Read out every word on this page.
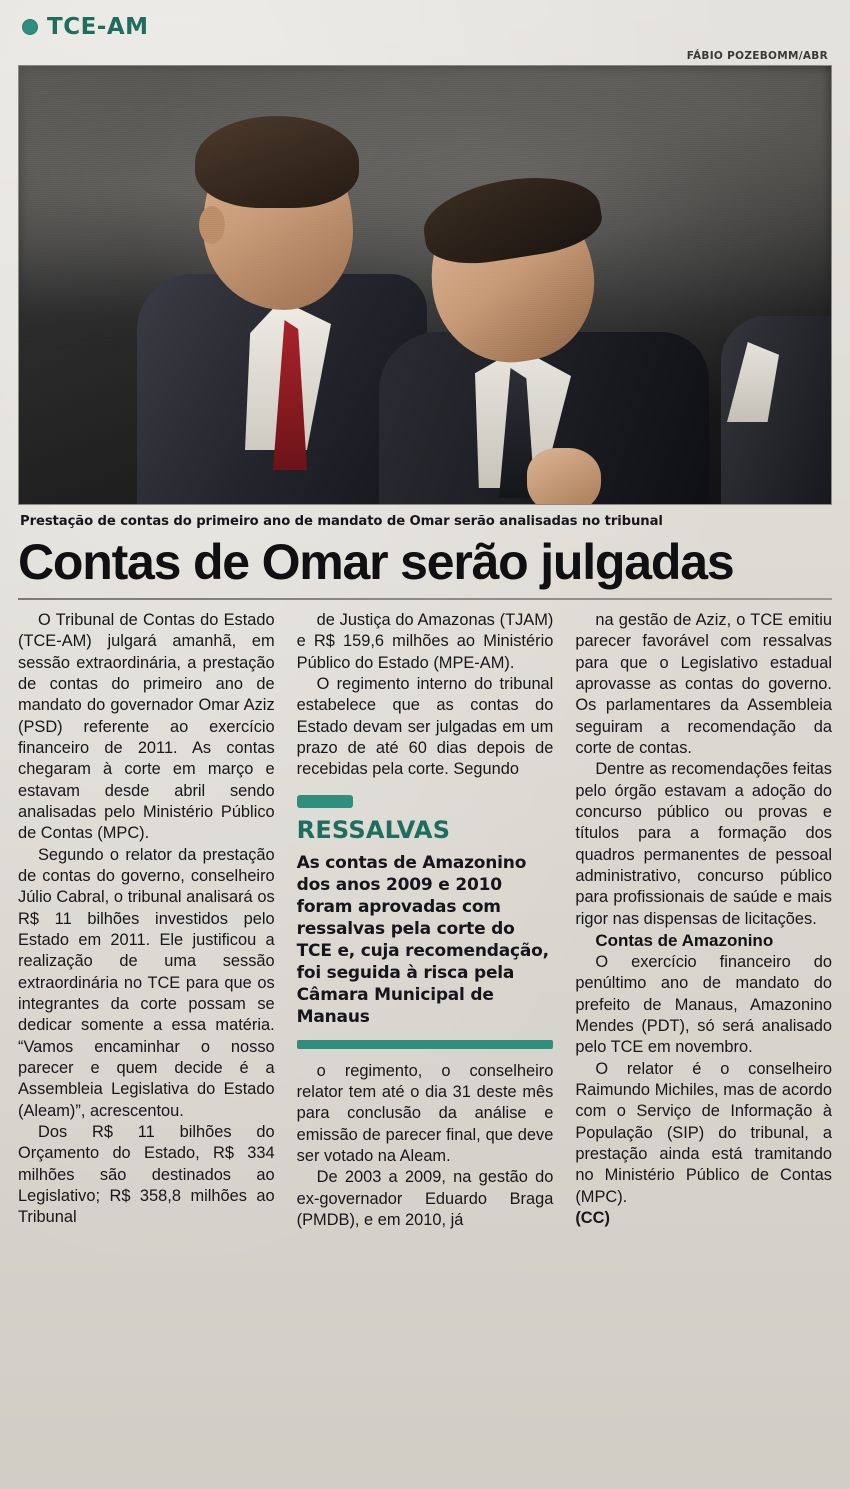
TCE-AM
FÁBIO POZEBOMM/ABR
Prestação de contas do primeiro ano de mandato de Omar serão analisadas no tribunal
Contas de Omar serão julgadas

O Tribunal de Contas do Estado (TCE-AM) julgará amanhã, em sessão extraordinária, a prestação de contas do primeiro ano de mandato do governador Omar Aziz (PSD) referente ao exercício financeiro de 2011. As contas chegaram à corte em março e estavam desde abril sendo analisadas pelo Ministério Público de Contas (MPC).

Segundo o relator da prestação de contas do governo, conselheiro Júlio Cabral, o tribunal analisará os R$ 11 bilhões investidos pelo Estado em 2011. Ele justificou a realização de uma sessão extraordinária no TCE para que os integrantes da corte possam se dedicar somente a essa matéria. “Vamos encaminhar o nosso parecer e quem decide é a Assembleia Legislativa do Estado (Aleam)”, acrescentou.

Dos R$ 11 bilhões do Orçamento do Estado, R$ 334 milhões são destinados ao Legislativo; R$ 358,8 milhões ao Tribunal

de Justiça do Amazonas (TJAM) e R$ 159,6 milhões ao Ministério Público do Estado (MPE-AM).

O regimento interno do tribunal estabelece que as contas do Estado devam ser julgadas em um prazo de até 60 dias depois de recebidas pela corte. Segundo

RESSALVAS
As contas de Amazonino dos anos 2009 e 2010 foram aprovadas com ressalvas pela corte do TCE e, cuja recomendação, foi seguida à risca pela Câmara Municipal de Manaus

o regimento, o conselheiro relator tem até o dia 31 deste mês para conclusão da análise e emissão de parecer final, que deve ser votado na Aleam.

De 2003 a 2009, na gestão do ex-governador Eduardo Braga (PMDB), e em 2010, já

na gestão de Aziz, o TCE emitiu parecer favorável com ressalvas para que o Legislativo estadual aprovasse as contas do governo. Os parlamentares da Assembleia seguiram a recomendação da corte de contas.

Dentre as recomendações feitas pelo órgão estavam a adoção do concurso público ou provas e títulos para a formação dos quadros permanentes de pessoal administrativo, concurso público para profissionais de saúde e mais rigor nas dispensas de licitações.

Contas de Amazonino

O exercício financeiro do penúltimo ano de mandato do prefeito de Manaus, Amazonino Mendes (PDT), só será analisado pelo TCE em novembro.

O relator é o conselheiro Raimundo Michiles, mas de acordo com o Serviço de Informação à População (SIP) do tribunal, a prestação ainda está tramitando no Ministério Público de Contas (MPC).

(CC)
